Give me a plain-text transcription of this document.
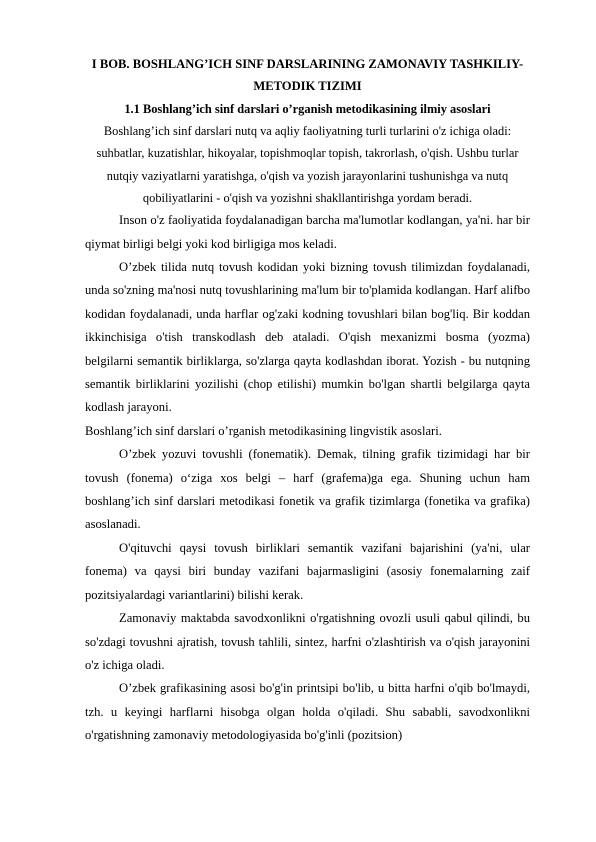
I BOB. BOSHLANG’ICH SINF DARSLARINING ZAMONAVIY TASHKILIY-METODIK TIZIMI

1.1 Boshlang’ich sinf darslari o’rganish metodikasining ilmiy asoslari

Boshlang’ich sinf darslari nutq va aqliy faoliyatning turli turlarini o'z ichiga oladi: suhbatlar, kuzatishlar, hikoyalar, topishmoqlar topish, takrorlash, o'qish. Ushbu turlar nutqiy vaziyatlarni yaratishga, o'qish va yozish jarayonlarini tushunishga va nutq qobiliyatlarini - o'qish va yozishni shakllantirishga yordam beradi.

Inson o'z faoliyatida foydalanadigan barcha ma'lumotlar kodlangan, ya'ni. har bir qiymat birligi belgi yoki kod birligiga mos keladi.

O’zbek tilida nutq tovush kodidan yoki bizning tovush tilimizdan foydalanadi, unda so'zning ma'nosi nutq tovushlarining ma'lum bir to'plamida kodlangan. Harf alifbo kodidan foydalanadi, unda harflar og'zaki kodning tovushlari bilan bog'liq. Bir koddan ikkinchisiga o'tish transkodlash deb ataladi. O'qish mexanizmi bosma (yozma) belgilarni semantik birliklarga, so'zlarga qayta kodlashdan iborat. Yozish - bu nutqning semantik birliklarini yozilishi (chop etilishi) mumkin bo'lgan shartli belgilarga qayta kodlash jarayoni.

Boshlang’ich sinf darslari o’rganish metodikasining lingvistik asoslari.

O’zbek yozuvi tovushli (fonematik). Demak, tilning grafik tizimidagi har bir tovush (fonema) o‘ziga xos belgi – harf (grafema)ga ega. Shuning uchun ham boshlang’ich sinf darslari metodikasi fonetik va grafik tizimlarga (fonetika va grafika) asoslanadi.

O'qituvchi qaysi tovush birliklari semantik vazifani bajarishini (ya'ni, ular fonema) va qaysi biri bunday vazifani bajarmasligini (asosiy fonemalarning zaif pozitsiyalardagi variantlarini) bilishi kerak.

Zamonaviy maktabda savodxonlikni o'rgatishning ovozli usuli qabul qilindi, bu so'zdagi tovushni ajratish, tovush tahlili, sintez, harfni o'zlashtirish va o'qish jarayonini o'z ichiga oladi.

O’zbek grafikasining asosi bo'g'in printsipi bo'lib, u bitta harfni o'qib bo'lmaydi, tzh. u keyingi harflarni hisobga olgan holda o'qiladi. Shu sababli, savodxonlikni o'rgatishning zamonaviy metodologiyasida bo'g'inli (pozitsion)
